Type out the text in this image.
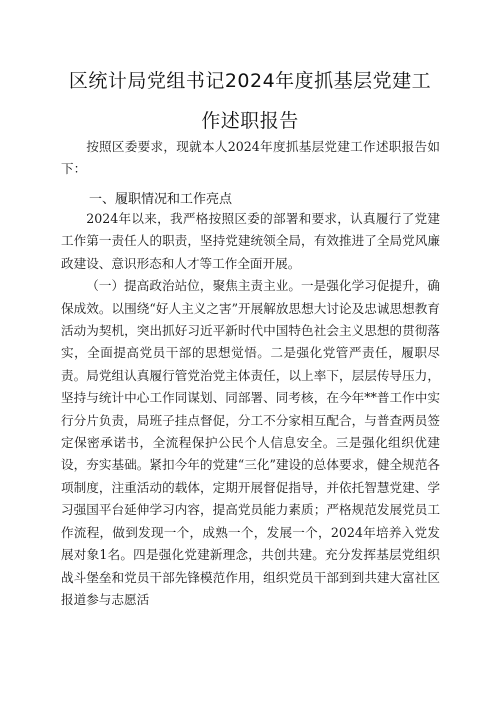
区统计局党组书记2024年度抓基层党建工
作述职报告

按照区委要求，现就本人2024年度抓基层党建工作述职报告如下：

一、履职情况和工作亮点

2024年以来，我严格按照区委的部署和要求，认真履行了党建工作第一责任人的职责，坚持党建统领全局，有效推进了全局党风廉政建设、意识形态和人才等工作全面开展。

（一）提高政治站位，聚焦主责主业。一是强化学习促提升，确保成效。以围绕“好人主义之害”开展解放思想大讨论及忠诚思想教育活动为契机，突出抓好习近平新时代中国特色社会主义思想的贯彻落实，全面提高党员干部的思想觉悟。二是强化党管严责任，履职尽责。局党组认真履行管党治党主体责任，以上率下，层层传导压力，坚持与统计中心工作同谋划、同部署、同考核，在今年**普工作中实行分片负责，局班子挂点督促，分工不分家相互配合，与普查两员签定保密承诺书，全流程保护公民个人信息安全。三是强化组织优建设，夯实基础。紧扣今年的党建“三化”建设的总体要求，健全规范各项制度，注重活动的载体，定期开展督促指导，并依托智慧党建、学习强国平台延伸学习内容，提高党员能力素质；严格规范发展党员工作流程，做到发现一个，成熟一个，发展一个，2024年培养入党发展对象1名。四是强化党建新理念，共创共建。充分发挥基层党组织战斗堡垒和党员干部先锋模范作用，组织党员干部到到共建大富社区报道参与志愿活
